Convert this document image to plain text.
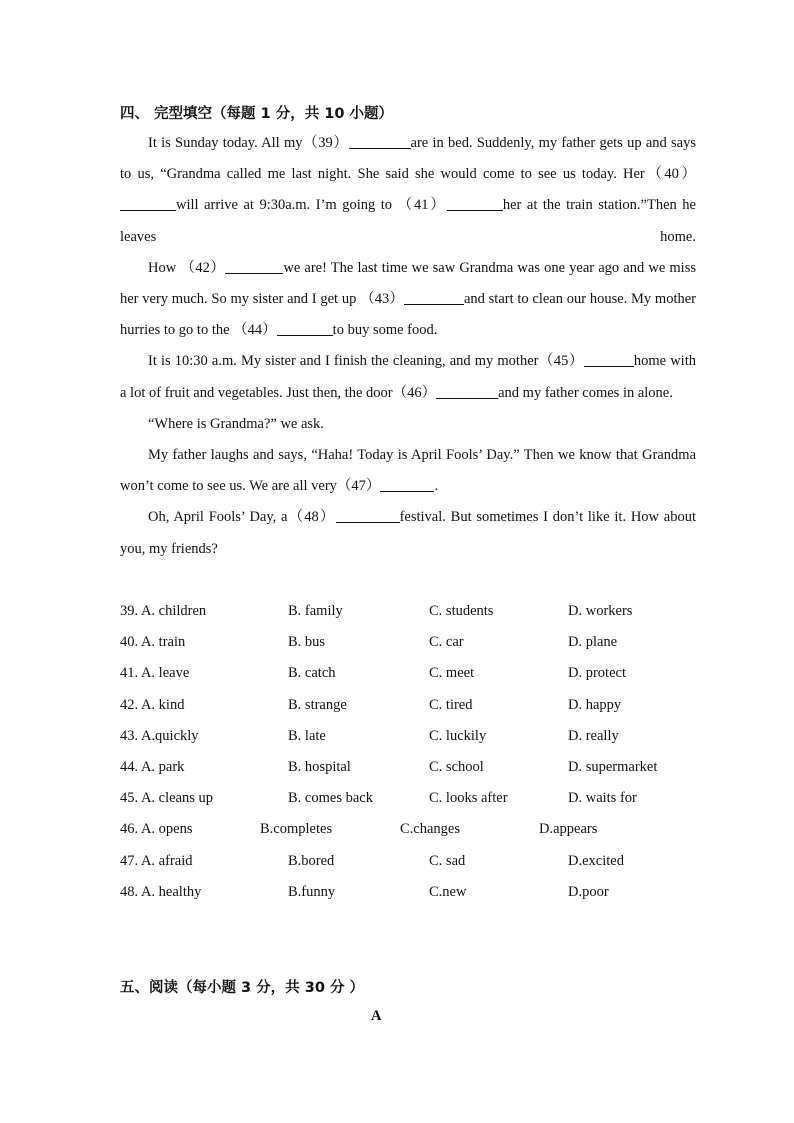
四、 完型填空（每题 1 分，共 10 小题）

It is Sunday today. All my（39）	are in bed. Suddenly, my father gets up and says to us, “Grandma called me last night. She said she would come to see us today. Her（40）will arrive at 9:30a.m. I’m going to （41）	her at the train station.”Then he leaves home.

How （42）	we are! The last time we saw Grandma was one year ago and we miss her very much. So my sister and I get up （43）	and start to clean our house. My mother hurries to go to the （44）	to buy some food.

It is 10:30 a.m. My sister and I finish the cleaning, and my mother（45）	home with a lot of fruit and vegetables. Just then, the door（46）	and my father comes in alone.

“Where is Grandma?” we ask.

My father laughs and says, “Haha! Today is April Fools’ Day.” Then we know that Grandma won’t come to see us. We are all very（47）	.

Oh, April Fools’ Day, a（48）	festival. But sometimes I don’t like it. How about you, my friends?

39. A. children	B. family	C. students	D. workers
40. A. train	B. bus	C. car	D. plane
41. A. leave	B. catch	C. meet	D. protect
42. A. kind	B. strange	C. tired	D. happy
43. A.quickly	B. late	C. luckily	D. really
44. A. park	B. hospital	C. school	D. supermarket
45. A. cleans up	B. comes back	C. looks after	D. waits for
46. A. opens	B.completes	C.changes	D.appears
47. A. afraid	B.bored	C. sad	D.excited
48. A. healthy	B.funny	C.new	D.poor
五、阅读（每小题 3 分，共 30 分 ）
A
